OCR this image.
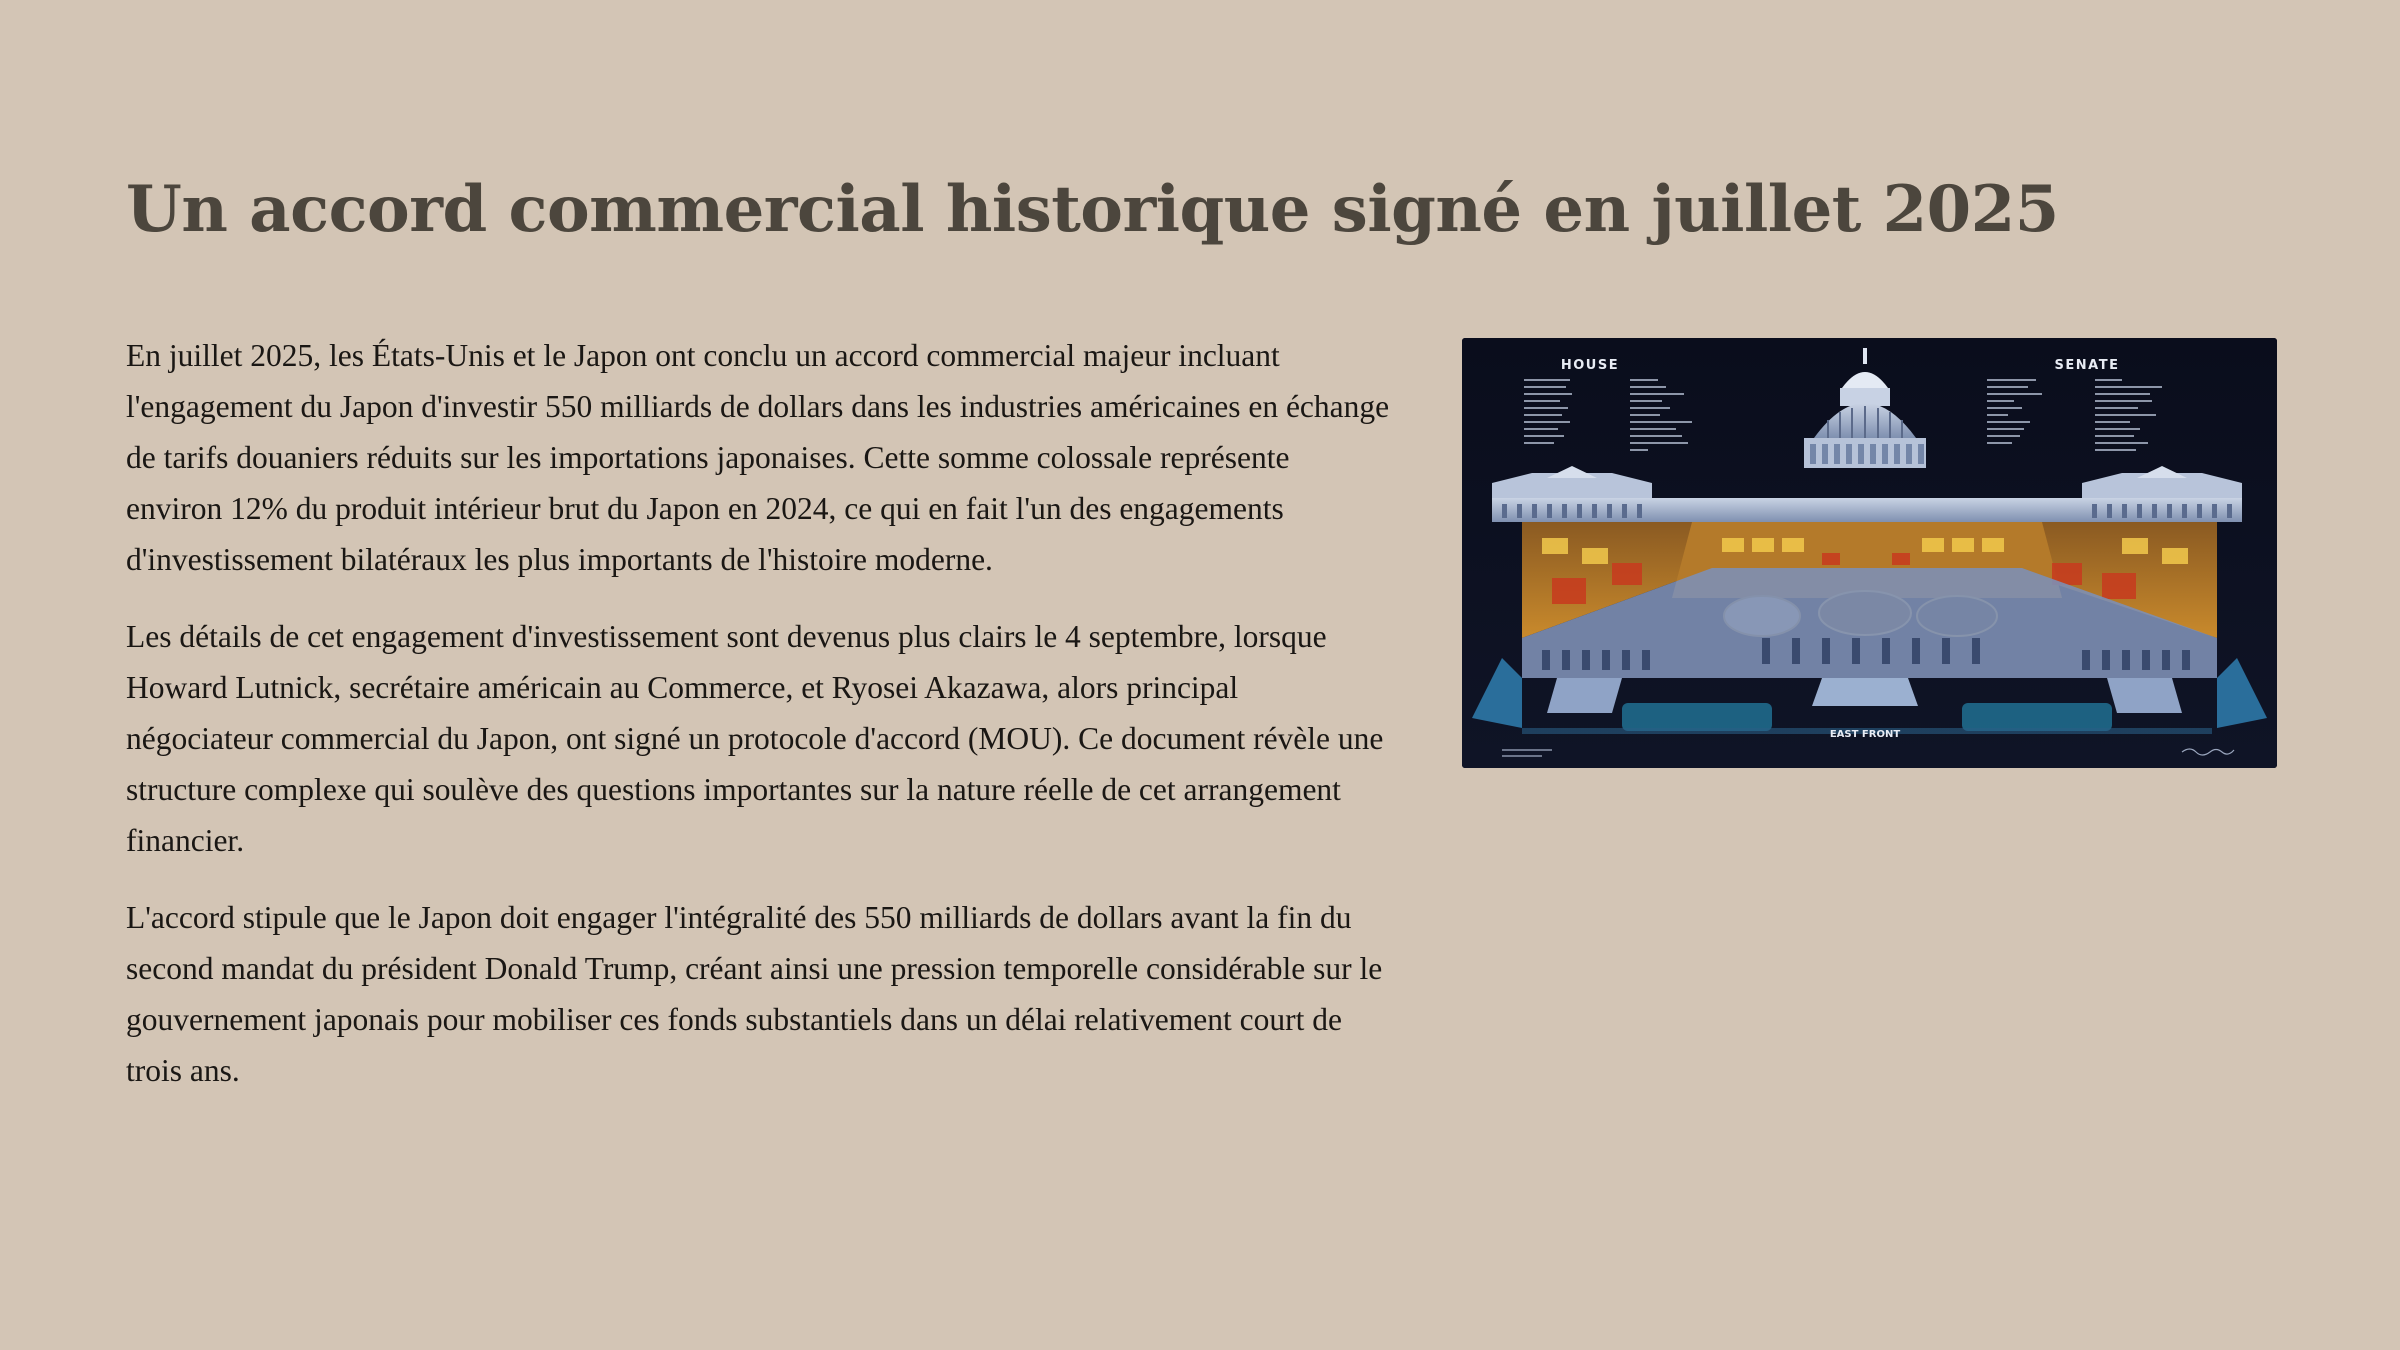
Un accord commercial historique signé en juillet 2025

En juillet 2025, les États-Unis et le Japon ont conclu un accord commercial majeur incluant l'engagement du Japon d'investir 550 milliards de dollars dans les industries américaines en échange de tarifs douaniers réduits sur les importations japonaises. Cette somme colossale représente environ 12% du produit intérieur brut du Japon en 2024, ce qui en fait l'un des engagements d'investissement bilatéraux les plus importants de l'histoire moderne.

Les détails de cet engagement d'investissement sont devenus plus clairs le 4 septembre, lorsque Howard Lutnick, secrétaire américain au Commerce, et Ryosei Akazawa, alors principal négociateur commercial du Japon, ont signé un protocole d'accord (MOU). Ce document révèle une structure complexe qui soulève des questions importantes sur la nature réelle de cet arrangement financier.

L'accord stipule que le Japon doit engager l'intégralité des 550 milliards de dollars avant la fin du second mandat du président Donald Trump, créant ainsi une pression temporelle considérable sur le gouvernement japonais pour mobiliser ces fonds substantiels dans un délai relativement court de trois ans.

HOUSE	SENATE
EAST FRONT
